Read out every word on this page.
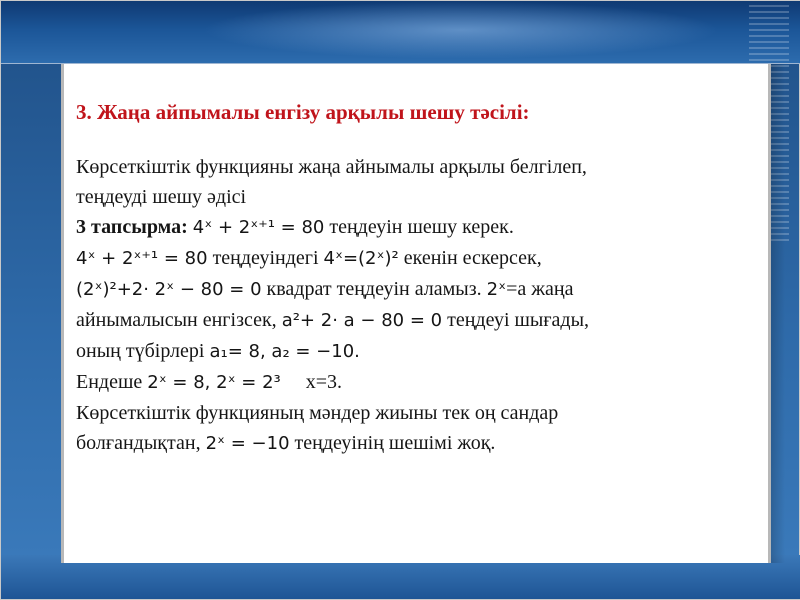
3. Жаңа айпымалы енгізу арқылы шешу тәсілі:

Көрсеткіштік функцияны жаңа айнымалы арқылы белгілеп,

теңдеуді шешу әдісі

3 тапсырма: 4ˣ + 2ˣ⁺¹ = 80 теңдеуін шешу керек.

4ˣ + 2ˣ⁺¹ = 80 теңдеуіндегі 4ˣ=(2ˣ)² екенін ескерсек,

(2ˣ)²+2· 2ˣ − 80 = 0 квадрат теңдеуін аламыз. 2ˣ=а жаңа

айнымалысын енгізсек, а²+ 2· а − 80 = 0 теңдеуі шығады,

оның түбірлері а₁= 8, а₂ = −10.

Ендеше 2ˣ = 8, 2ˣ = 2³ x=3.

Көрсеткіштік функцияның мәндер жиыны тек оң сандар

болғандықтан, 2ˣ = −10 теңдеуінің шешімі жоқ.
